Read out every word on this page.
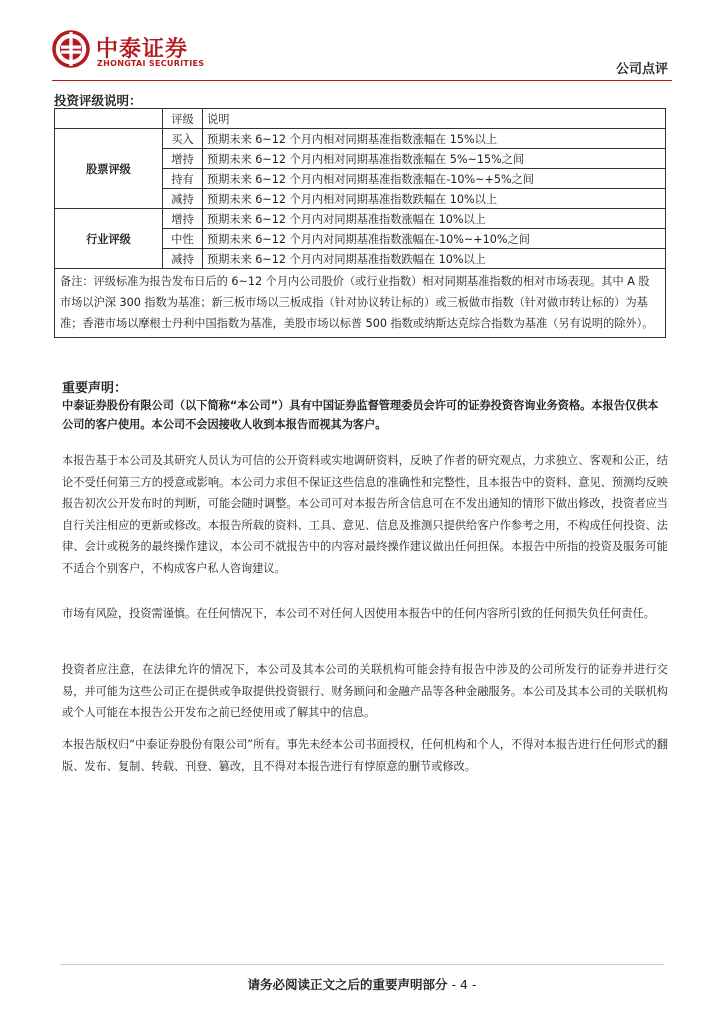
中泰证券
ZHONGTAI SECURITIES	公司点评
投资评级说明：
	评级	说明
股票评级	买入	预期未来 6~12 个月内相对同期基准指数涨幅在 15%以上
	增持	预期未来 6~12 个月内相对同期基准指数涨幅在 5%~15%之间
	持有	预期未来 6~12 个月内相对同期基准指数涨幅在-10%~+5%之间
	减持	预期未来 6~12 个月内相对同期基准指数跌幅在 10%以上
行业评级	增持	预期未来 6~12 个月内对同期基准指数涨幅在 10%以上
	中性	预期未来 6~12 个月内对同期基准指数涨幅在-10%~+10%之间
	减持	预期未来 6~12 个月内对同期基准指数跌幅在 10%以上
备注：评级标准为报告发布日后的 6~12 个月内公司股价（或行业指数）相对同期基准指数的相对市场表现。其中 A 股市场以沪深 300 指数为基准；新三板市场以三板成指（针对协议转让标的）或三板做市指数（针对做市转让标的）为基准；香港市场以摩根士丹利中国指数为基准，美股市场以标普 500 指数或纳斯达克综合指数为基准（另有说明的除外）。		
重要声明：
中泰证券股份有限公司（以下简称“本公司”）具有中国证券监督管理委员会许可的证券投资咨询业务资格。本报告仅供本公司的客户使用。本公司不会因接收人收到本报告而视其为客户。
本报告基于本公司及其研究人员认为可信的公开资料或实地调研资料，反映了作者的研究观点，力求独立、客观和公正，结论不受任何第三方的授意或影响。本公司力求但不保证这些信息的准确性和完整性，且本报告中的资料、意见、预测均反映报告初次公开发布时的判断，可能会随时调整。本公司可对本报告所含信息可在不发出通知的情形下做出修改，投资者应当自行关注相应的更新或修改。本报告所载的资料、工具、意见、信息及推测只提供给客户作参考之用，不构成任何投资、法律、会计或税务的最终操作建议，本公司不就报告中的内容对最终操作建议做出任何担保。本报告中所指的投资及服务可能不适合个别客户，不构成客户私人咨询建议。
市场有风险，投资需谨慎。在任何情况下，本公司不对任何人因使用本报告中的任何内容所引致的任何损失负任何责任。
投资者应注意，在法律允许的情况下，本公司及其本公司的关联机构可能会持有报告中涉及的公司所发行的证券并进行交易，并可能为这些公司正在提供或争取提供投资银行、财务顾问和金融产品等各种金融服务。本公司及其本公司的关联机构或个人可能在本报告公开发布之前已经使用或了解其中的信息。
本报告版权归“中泰证券股份有限公司”所有。事先未经本公司书面授权，任何机构和个人，不得对本报告进行任何形式的翻版、发布、复制、转载、刊登、篡改，且不得对本报告进行有悖原意的删节或修改。
请务必阅读正文之后的重要声明部分 - 4 -
